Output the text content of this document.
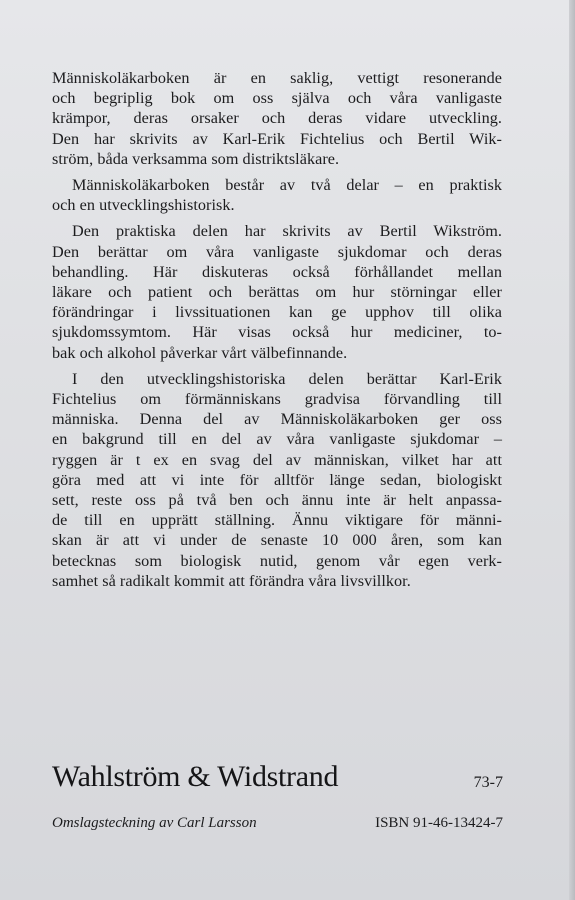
Människoläkarboken är en saklig, vettigt resonerande
och begriplig bok om oss själva och våra vanligaste
krämpor, deras orsaker och deras vidare utveckling.
Den har skrivits av Karl-Erik Fichtelius och Bertil Wik-
ström, båda verksamma som distriktsläkare.

Människoläkarboken består av två delar – en praktisk
och en utvecklingshistorisk.

Den praktiska delen har skrivits av Bertil Wikström.
Den berättar om våra vanligaste sjukdomar och deras
behandling. Här diskuteras också förhållandet mellan
läkare och patient och berättas om hur störningar eller
förändringar i livssituationen kan ge upphov till olika
sjukdomssymtom. Här visas också hur mediciner, to-
bak och alkohol påverkar vårt välbefinnande.

I den utvecklingshistoriska delen berättar Karl-Erik
Fichtelius om förmänniskans gradvisa förvandling till
människa. Denna del av Människoläkarboken ger oss
en bakgrund till en del av våra vanligaste sjukdomar –
ryggen är t ex en svag del av människan, vilket har att
göra med att vi inte för alltför länge sedan, biologiskt
sett, reste oss på två ben och ännu inte är helt anpassa-
de till en upprätt ställning. Ännu viktigare för männi-
skan är att vi under de senaste 10 000 åren, som kan
betecknas som biologisk nutid, genom vår egen verk-
samhet så radikalt kommit att förändra våra livsvillkor.

Wahlström & Widstrand	73-7
Omslagsteckning av Carl Larsson	ISBN 91-46-13424-7
